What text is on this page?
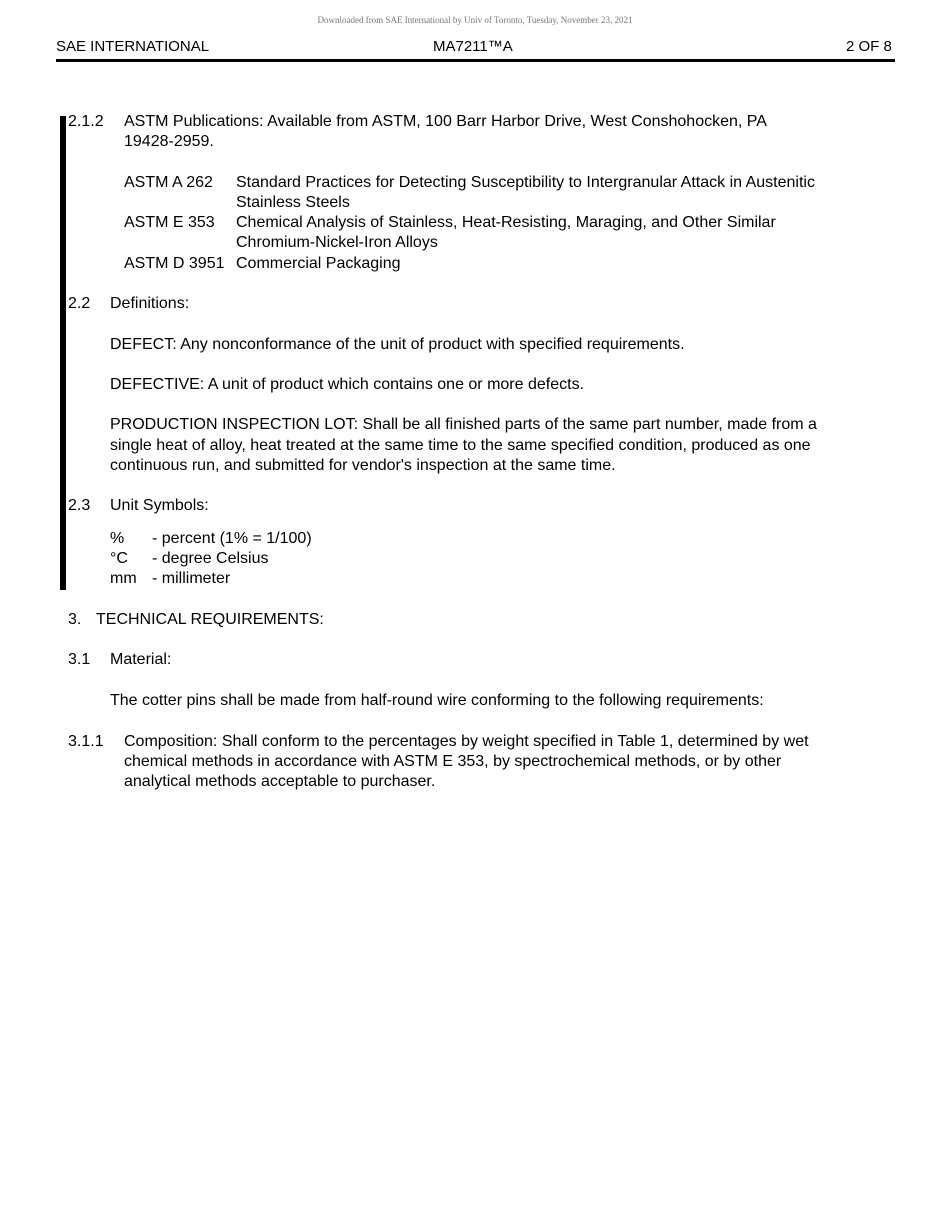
Downloaded from SAE International by Univ of Toronto, Tuesday, November 23, 2021
SAE INTERNATIONAL	MA7211™A	2 OF 8
2.1.2 ASTM Publications: Available from ASTM, 100 Barr Harbor Drive, West Conshohocken, PA
19428-2959.
ASTM A 262 Standard Practices for Detecting Susceptibility to Intergranular Attack in Austenitic
Stainless Steels
ASTM E 353 Chemical Analysis of Stainless, Heat-Resisting, Maraging, and Other Similar
Chromium-Nickel-Iron Alloys
ASTM D 3951 Commercial Packaging
2.2 Definitions:
DEFECT: Any nonconformance of the unit of product with specified requirements.
DEFECTIVE: A unit of product which contains one or more defects.
PRODUCTION INSPECTION LOT: Shall be all finished parts of the same part number, made from a
single heat of alloy, heat treated at the same time to the same specified condition, produced as one
continuous run, and submitted for vendor's inspection at the same time.
2.3 Unit Symbols:
% - percent (1% = 1/100)
°C - degree Celsius
mm - millimeter
3. TECHNICAL REQUIREMENTS:
3.1 Material:
The cotter pins shall be made from half-round wire conforming to the following requirements:
3.1.1 Composition: Shall conform to the percentages by weight specified in Table 1, determined by wet
chemical methods in accordance with ASTM E 353, by spectrochemical methods, or by other
analytical methods acceptable to purchaser.
